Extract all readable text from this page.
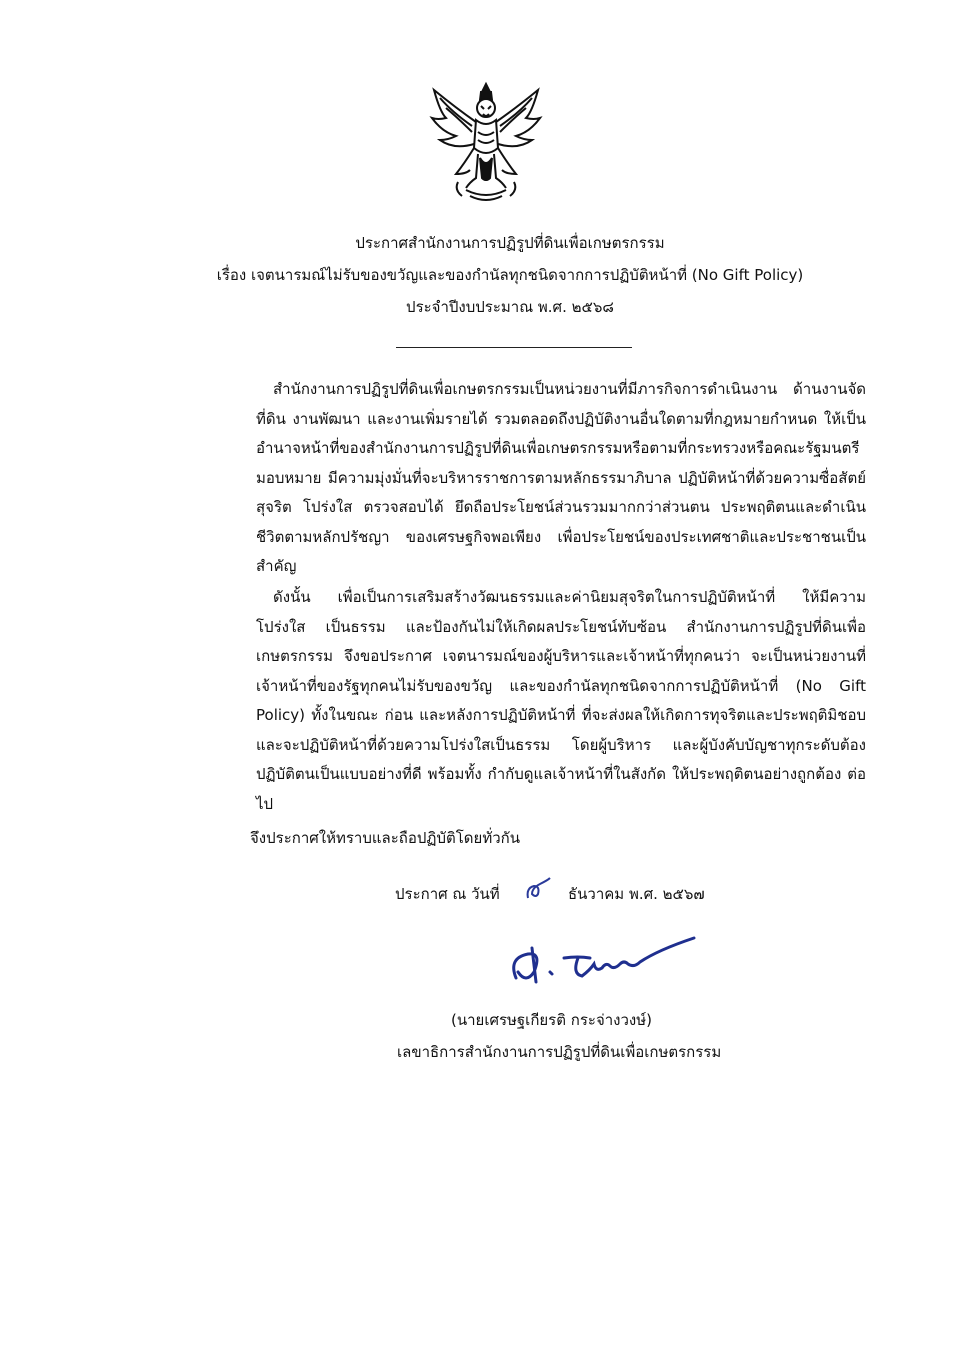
ประกาศสำนักงานการปฏิรูปที่ดินเพื่อเกษตรกรรม
เรื่อง เจตนารมณ์ไม่รับของขวัญและของกำนัลทุกชนิดจากการปฏิบัติหน้าที่ (No Gift Policy)
ประจำปีงบประมาณ พ.ศ. ๒๕๖๘

สำนักงานการปฏิรูปที่ดินเพื่อเกษตรกรรมเป็นหน่วยงานที่มีภารกิจการดำเนินงาน ด้านงานจัดที่ดิน งานพัฒนา และงานเพิ่มรายได้ รวมตลอดถึงปฏิบัติงานอื่นใดตามที่กฎหมายกำหนด ให้เป็นอำนาจหน้าที่ของสำนักงานการปฏิรูปที่ดินเพื่อเกษตรกรรมหรือตามที่กระทรวงหรือคณะรัฐมนตรี มอบหมาย มีความมุ่งมั่นที่จะบริหารราชการตามหลักธรรมาภิบาล ปฏิบัติหน้าที่ด้วยความซื่อสัตย์สุจริต โปร่งใส ตรวจสอบได้ ยึดถือประโยชน์ส่วนรวมมากกว่าส่วนตน ประพฤติตนและดำเนินชีวิตตามหลักปรัชญา ของเศรษฐกิจพอเพียง เพื่อประโยชน์ของประเทศชาติและประชาชนเป็นสำคัญ

ดังนั้น เพื่อเป็นการเสริมสร้างวัฒนธรรมและค่านิยมสุจริตในการปฏิบัติหน้าที่ ให้มีความโปร่งใส เป็นธรรม และป้องกันไม่ให้เกิดผลประโยชน์ทับซ้อน สำนักงานการปฏิรูปที่ดินเพื่อเกษตรกรรม จึงขอประกาศ เจตนารมณ์ของผู้บริหารและเจ้าหน้าที่ทุกคนว่า จะเป็นหน่วยงานที่เจ้าหน้าที่ของรัฐทุกคนไม่รับของขวัญ และของกำนัลทุกชนิดจากการปฏิบัติหน้าที่ (No Gift Policy) ทั้งในขณะ ก่อน และหลังการปฏิบัติหน้าที่ ที่จะส่งผลให้เกิดการทุจริตและประพฤติมิชอบ และจะปฏิบัติหน้าที่ด้วยความโปร่งใสเป็นธรรม โดยผู้บริหาร และผู้บังคับบัญชาทุกระดับต้องปฏิบัติตนเป็นแบบอย่างที่ดี พร้อมทั้ง กำกับดูแลเจ้าหน้าที่ในสังกัด ให้ประพฤติตนอย่างถูกต้อง ต่อไป

จึงประกาศให้ทราบและถือปฏิบัติโดยทั่วกัน
ประกาศ ณ วันที่	ธันวาคม พ.ศ. ๒๕๖๗
(นายเศรษฐเกียรติ กระจ่างวงษ์)
เลขาธิการสำนักงานการปฏิรูปที่ดินเพื่อเกษตรกรรม
